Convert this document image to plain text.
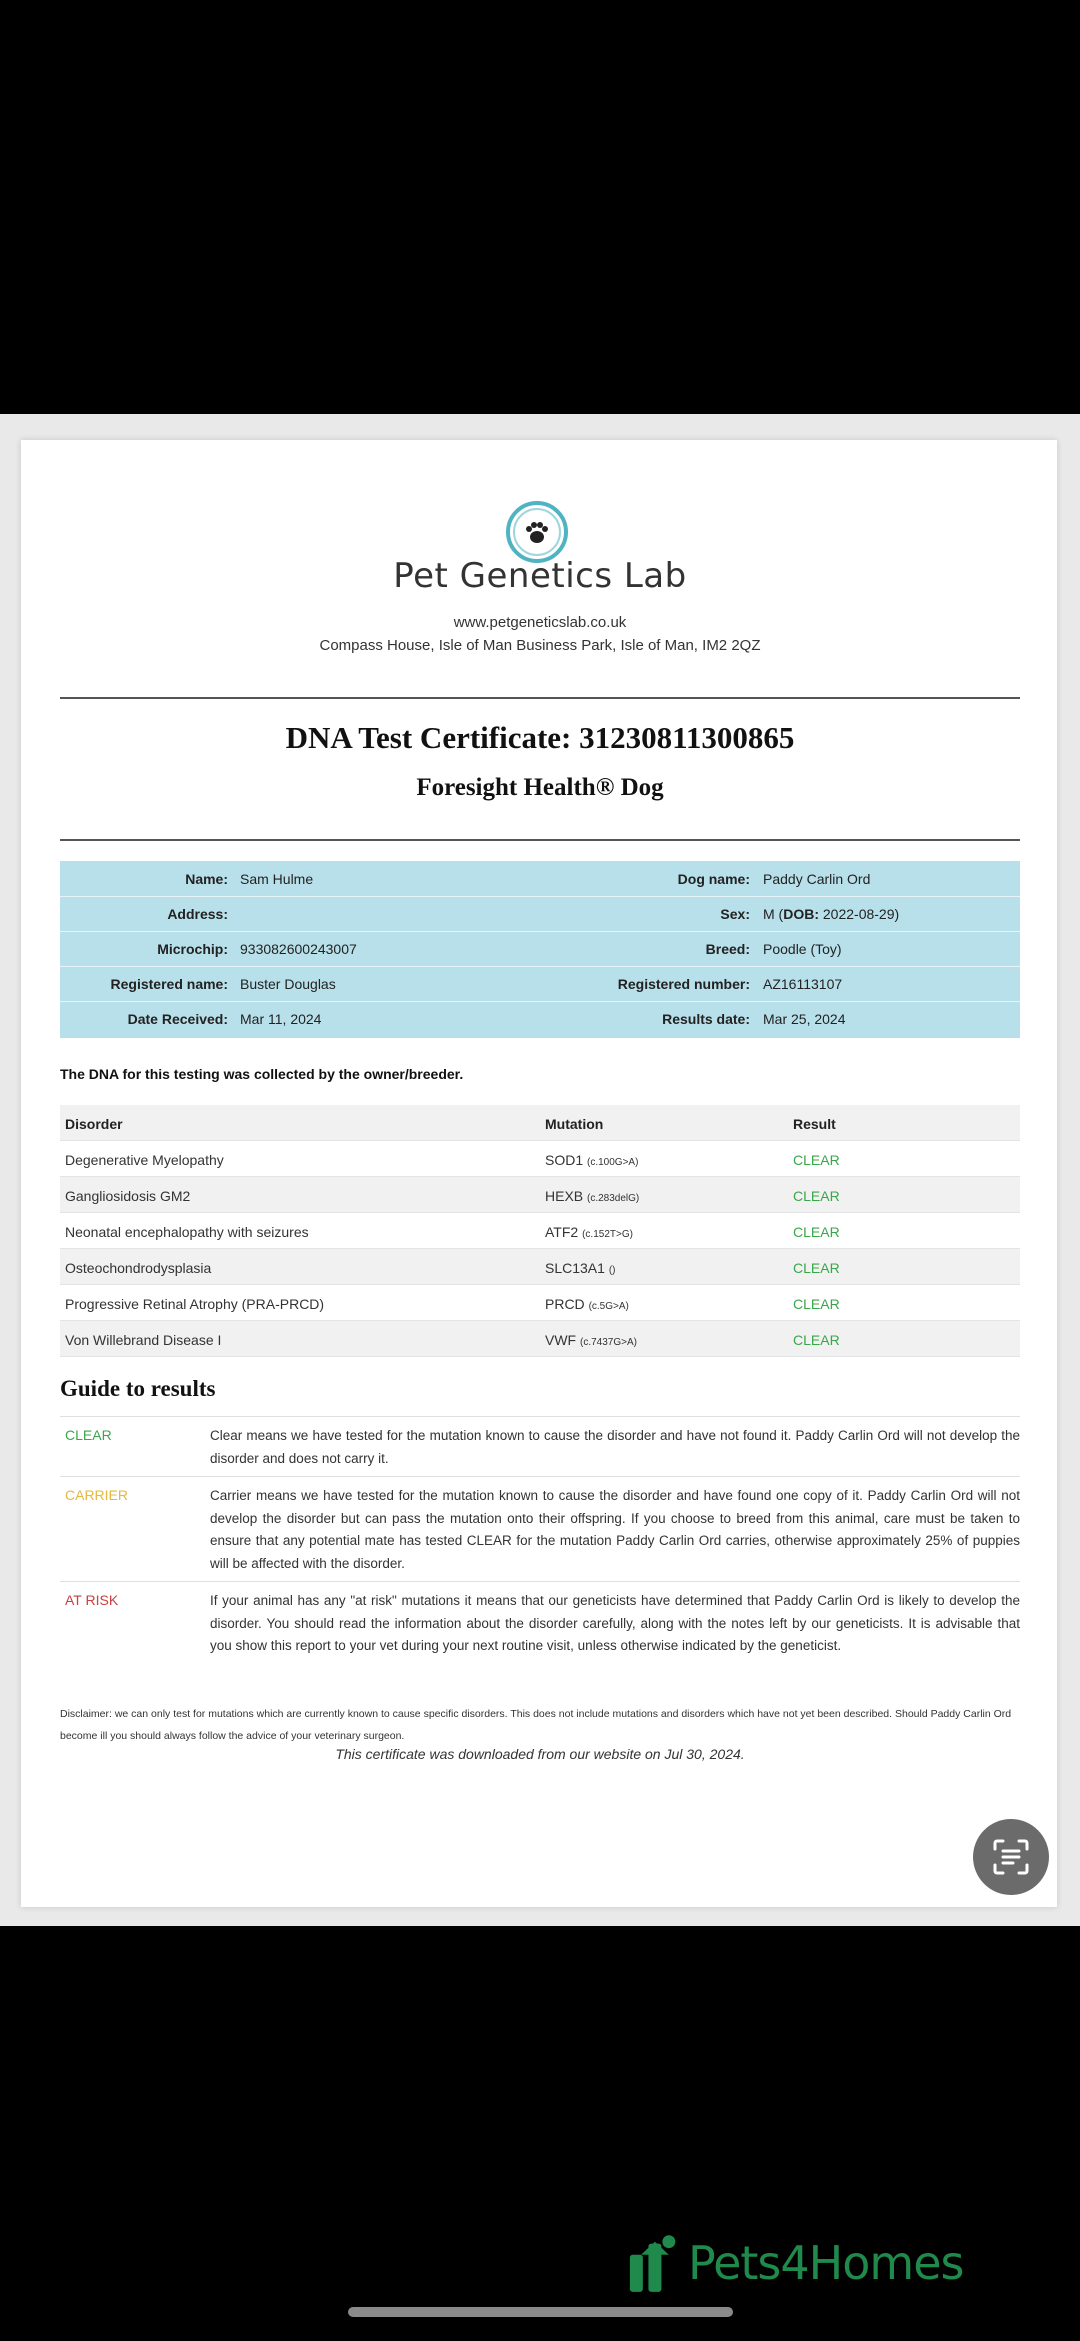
Pet Genetics Lab
www.petgeneticslab.co.uk
Compass House, Isle of Man Business Park, Isle of Man, IM2 2QZ
DNA Test Certificate: 31230811300865
Foresight Health® Dog
Name: Sam Hulme	Dog name: Paddy Carlin Ord
Address:	Sex: M (DOB: 2022-08-29)
Microchip: 933082600243007	Breed: Poodle (Toy)
Registered name: Buster Douglas	Registered number: AZ16113107
Date Received: Mar 11, 2024	Results date: Mar 25, 2024
The DNA for this testing was collected by the owner/breeder.
Disorder	Mutation	Result
Degenerative Myelopathy	SOD1 (c.100G>A)	CLEAR
Gangliosidosis GM2	HEXB (c.283delG)	CLEAR
Neonatal encephalopathy with seizures	ATF2 (c.152T>G)	CLEAR
Osteochondrodysplasia	SLC13A1 ()	CLEAR
Progressive Retinal Atrophy (PRA-PRCD)	PRCD (c.5G>A)	CLEAR
Von Willebrand Disease I	VWF (c.7437G>A)	CLEAR
Guide to results
CLEAR	Clear means we have tested for the mutation known to cause the disorder and have not found it. Paddy Carlin Ord will not develop the disorder and does not carry it.
CARRIER	Carrier means we have tested for the mutation known to cause the disorder and have found one copy of it. Paddy Carlin Ord will not develop the disorder but can pass the mutation onto their offspring. If you choose to breed from this animal, care must be taken to ensure that any potential mate has tested CLEAR for the mutation Paddy Carlin Ord carries, otherwise approximately 25% of puppies will be affected with the disorder.
AT RISK	If your animal has any "at risk" mutations it means that our geneticists have determined that Paddy Carlin Ord is likely to develop the disorder. You should read the information about the disorder carefully, along with the notes left by our geneticists. It is advisable that you show this report to your vet during your next routine visit, unless otherwise indicated by the geneticist.
Disclaimer: we can only test for mutations which are currently known to cause specific disorders. This does not include mutations and disorders which have not yet been described. Should Paddy Carlin Ord become ill you should always follow the advice of your veterinary surgeon.
This certificate was downloaded from our website on Jul 30, 2024.
Pets4Homes
